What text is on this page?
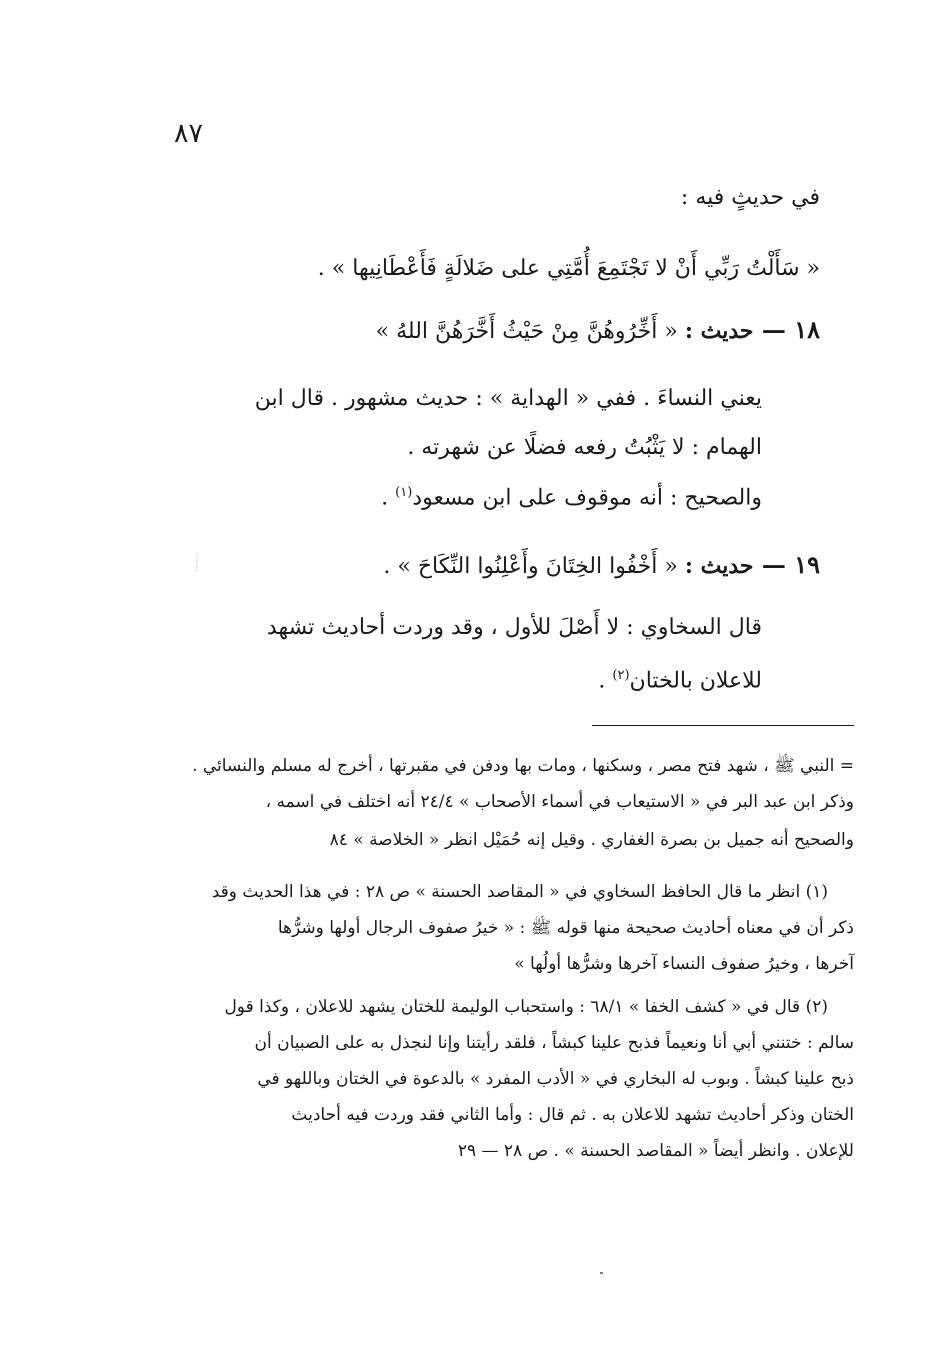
٨٧
في حديثٍ فيه :
« سَأَلْتُ رَبِّي أَنْ لا تَجْتَمِعَ أُمَّتِي على ضَلالَةٍ فَأَعْطَانِيها » .
١٨ — حديث : « أَخِّرُوهُنَّ مِنْ حَيْثُ أَخَّرَهُنَّ اللهُ »
يعني النساءَ . ففي « الهداية » : حديث مشهور . قال ابن
الهمام : لا يَثْبُتُ رفعه فضلًا عن شهرته .
والصحيح : أنه موقوف على ابن مسعود$^{(١)}$ .
١٩ — حديث : « أَخْفُوا الخِتَانَ وأَعْلِنُوا النِّكَاحَ » .
قال السخاوي : لا أَصْلَ للأول ، وقد وردت أحاديث تشهد
للاعلان بالختان$^{(٢)}$ .
⋮
⋮
= النبي ﷺ ، شهد فتح مصر ، وسكنها ، ومات بها ودفن في مقبرتها ، أخرج له مسلم والنسائي .
وذكر ابن عبد البر في « الاستيعاب في أسماء الأصحاب » ٢٤/٤ أنه اختلف في اسمه ،
والصحيح أنه جميل بن بصرة الغفاري . وقيل إنه حُمَيْل انظر « الخلاصة » ٨٤
(١) انظر ما قال الحافظ السخاوي في « المقاصد الحسنة » ص ٢٨ : في هذا الحديث وقد
ذكر أن في معناه أحاديث صحيحة منها قوله ﷺ : « خيرُ صفوف الرجال أولها وشرُّها
آخرها ، وخيرُ صفوف النساء آخرها وشرُّها أولُها »
(٢) قال في « كشف الخفا » ٦٨/١ : واستحباب الوليمة للختان يشهد للاعلان ، وكذا قول
سالم : ختنني أبي أنا ونعيماً فذبح علينا كبشاً ، فلقد رأيتنا وإنا لنجذل به على الصبيان أن
ذبح علينا كبشاً . وبوب له البخاري في « الأدب المفرد » بالدعوة في الختان وباللهو في
الختان وذكر أحاديث تشهد للاعلان به . ثم قال : وأما الثاني فقد وردت فيه أحاديث
للإعلان . وانظر أيضاً « المقاصد الحسنة » . ص ٢٨ — ٢٩
